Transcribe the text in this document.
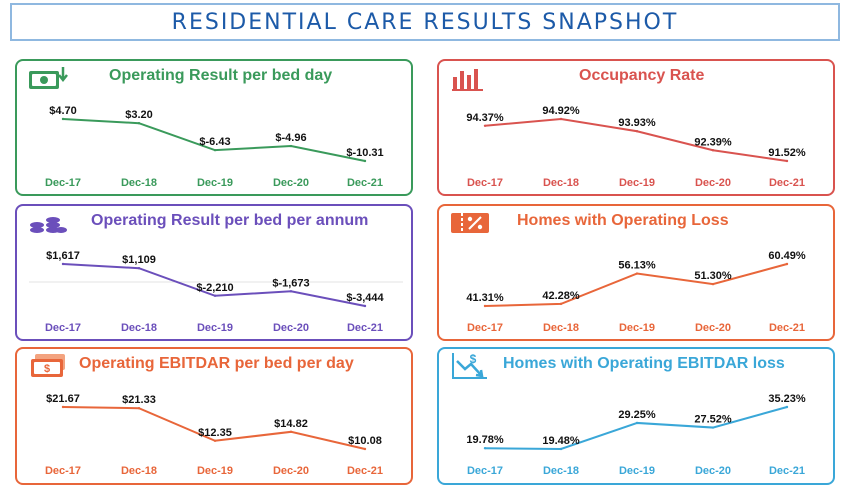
RESIDENTIAL CARE RESULTS SNAPSHOT
Operating Result per bed day
$4.70
Dec-17
$3.20
Dec-18
$-6.43
Dec-19
$-4.96
Dec-20
$-10.31
Dec-21
Occupancy Rate
94.37%
Dec-17
94.92%
Dec-18
93.93%
Dec-19
92.39%
Dec-20
91.52%
Dec-21
Operating Result per bed per annum
$1,617
Dec-17
$1,109
Dec-18
$-2,210
Dec-19
$-1,673
Dec-20
$-3,444
Dec-21
Homes with Operating Loss
41.31%
Dec-17
42.28%
Dec-18
56.13%
Dec-19
51.30%
Dec-20
60.49%
Dec-21
$ Operating EBITDAR per bed per day
$21.67
Dec-17
$21.33
Dec-18
$12.35
Dec-19
$14.82
Dec-20
$10.08
Dec-21
$ Homes with Operating EBITDAR loss
19.78%
Dec-17
19.48%
Dec-18
29.25%
Dec-19
27.52%
Dec-20
35.23%
Dec-21
